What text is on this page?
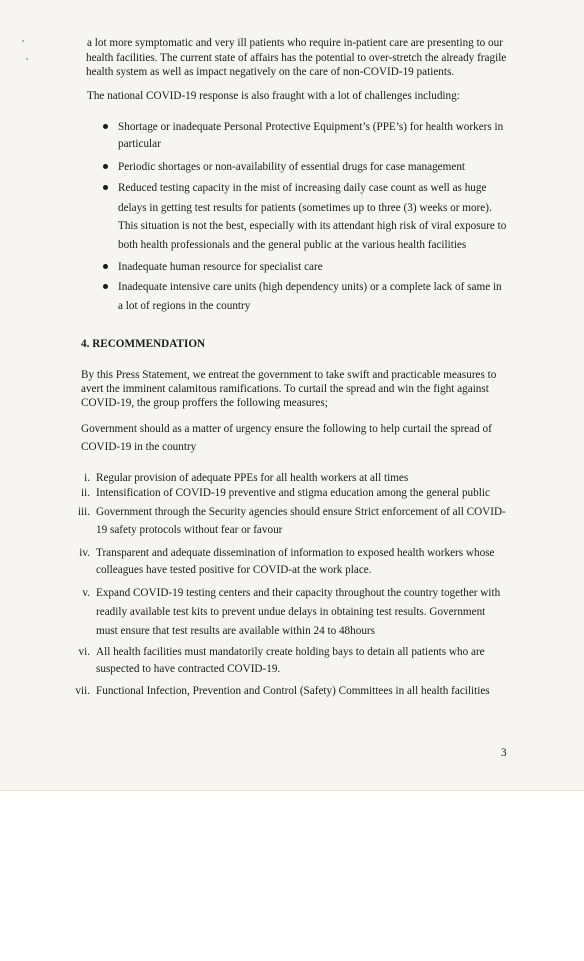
a lot more symptomatic and very ill patients who require in-patient care are presenting to our
health facilities. The current state of affairs has the potential to over-stretch the already fragile
health system as well as impact negatively on the care of non-COVID-19 patients.
The national COVID-19 response is also fraught with a lot of challenges including:
Shortage or inadequate Personal Protective Equipment’s (PPE’s) for health workers in
particular
Periodic shortages or non-availability of essential drugs for case management
Reduced testing capacity in the mist of increasing daily case count as well as huge
delays in getting test results for patients (sometimes up to three (3) weeks or more).
This situation is not the best, especially with its attendant high risk of viral exposure to
both health professionals and the general public at the various health facilities
Inadequate human resource for specialist care
Inadequate intensive care units (high dependency units) or a complete lack of same in
a lot of regions in the country
4. RECOMMENDATION
By this Press Statement, we entreat the government to take swift and practicable measures to
avert the imminent calamitous ramifications. To curtail the spread and win the fight against
COVID-19, the group proffers the following measures;
Government should as a matter of urgency ensure the following to help curtail the spread of
COVID-19 in the country
i. Regular provision of adequate PPEs for all health workers at all times
ii. Intensification of COVID-19 preventive and stigma education among the general public
iii. Government through the Security agencies should ensure Strict enforcement of all COVID-
19 safety protocols without fear or favour
iv. Transparent and adequate dissemination of information to exposed health workers whose
colleagues have tested positive for COVID-at the work place.
v. Expand COVID-19 testing centers and their capacity throughout the country together with
readily available test kits to prevent undue delays in obtaining test results. Government
must ensure that test results are available within 24 to 48hours
vi. All health facilities must mandatorily create holding bays to detain all patients who are
suspected to have contracted COVID-19.
vii. Functional Infection, Prevention and Control (Safety) Committees in all health facilities
3
